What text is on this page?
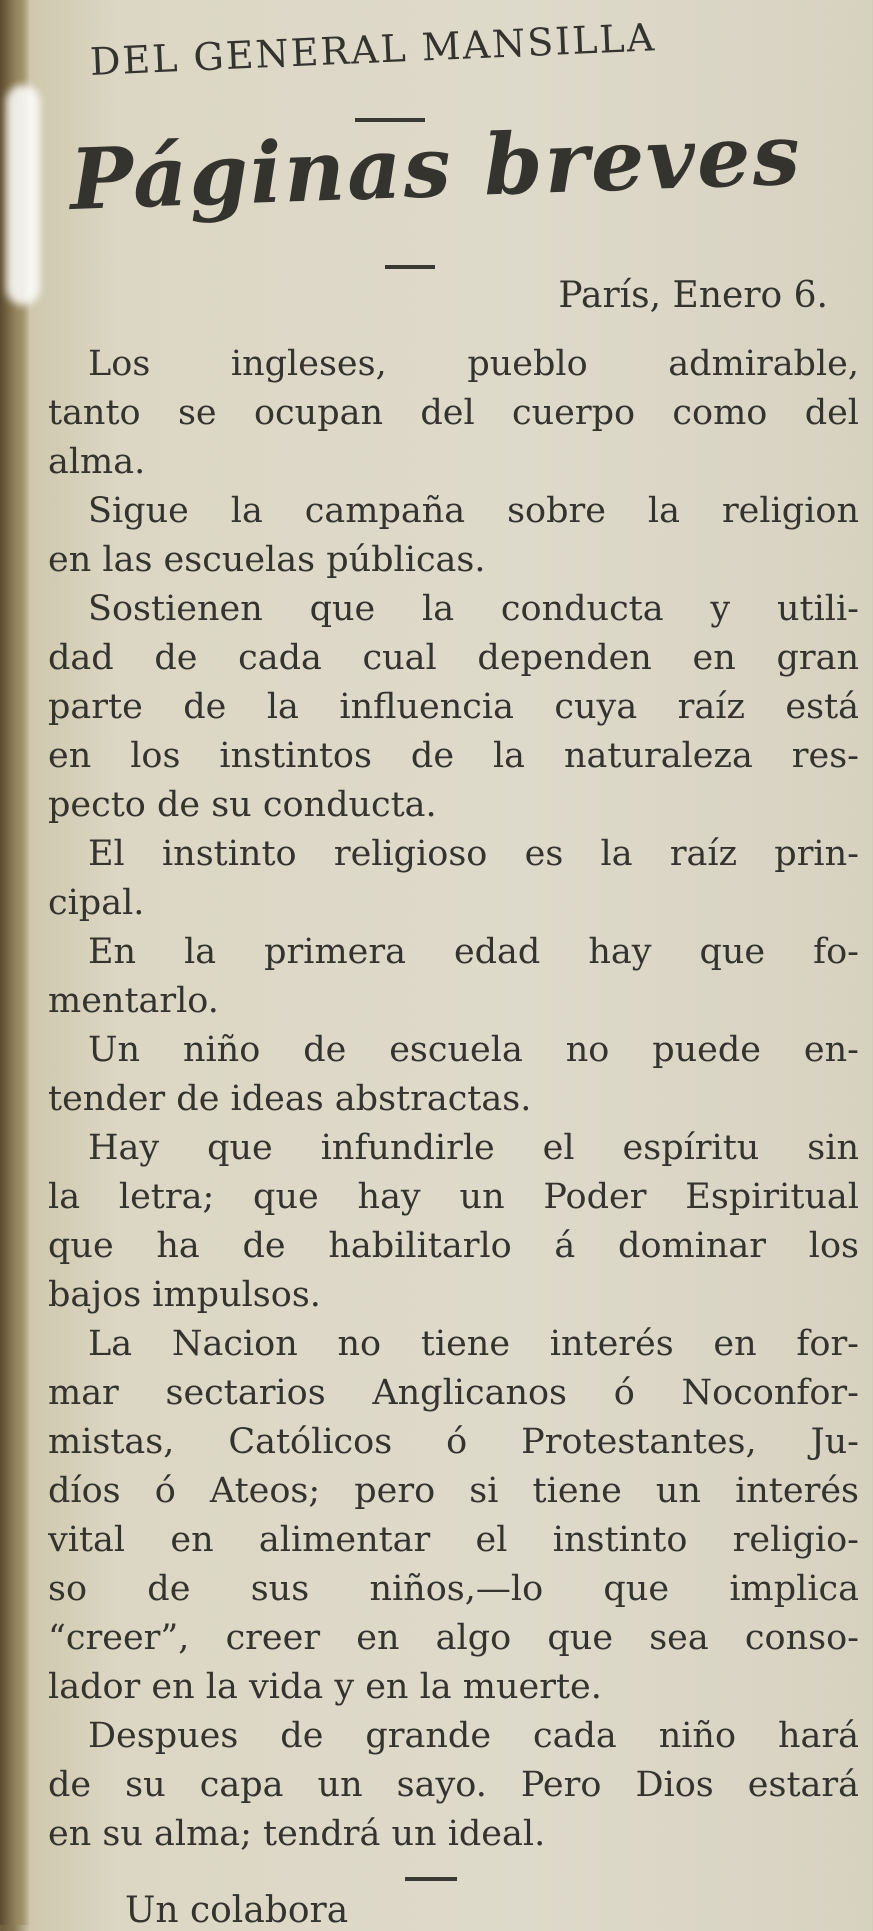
DEL GENERAL MANSILLA
Páginas breves
París, Enero 6.
Los ingleses, pueblo admirable,
tanto se ocupan del cuerpo como del
alma.
Sigue la campaña sobre la religion
en las escuelas públicas.
Sostienen que la conducta y utili-
dad de cada cual dependen en gran
parte de la influencia cuya raíz está
en los instintos de la naturaleza res-
pecto de su conducta.
El instinto religioso es la raíz prin-
cipal.
En la primera edad hay que fo-
mentarlo.
Un niño de escuela no puede en-
tender de ideas abstractas.
Hay que infundirle el espíritu sin
la letra; que hay un Poder Espiritual
que ha de habilitarlo á dominar los
bajos impulsos.
La Nacion no tiene interés en for-
mar sectarios Anglicanos ó Noconfor-
mistas, Católicos ó Protestantes, Ju-
díos ó Ateos; pero si tiene un interés
vital en alimentar el instinto religio-
so de sus niños,—lo que implica
“creer”, creer en algo que sea conso-
lador en la vida y en la muerte.
Despues de grande cada niño hará
de su capa un sayo. Pero Dios estará
en su alma; tendrá un ideal.
Un colabora
